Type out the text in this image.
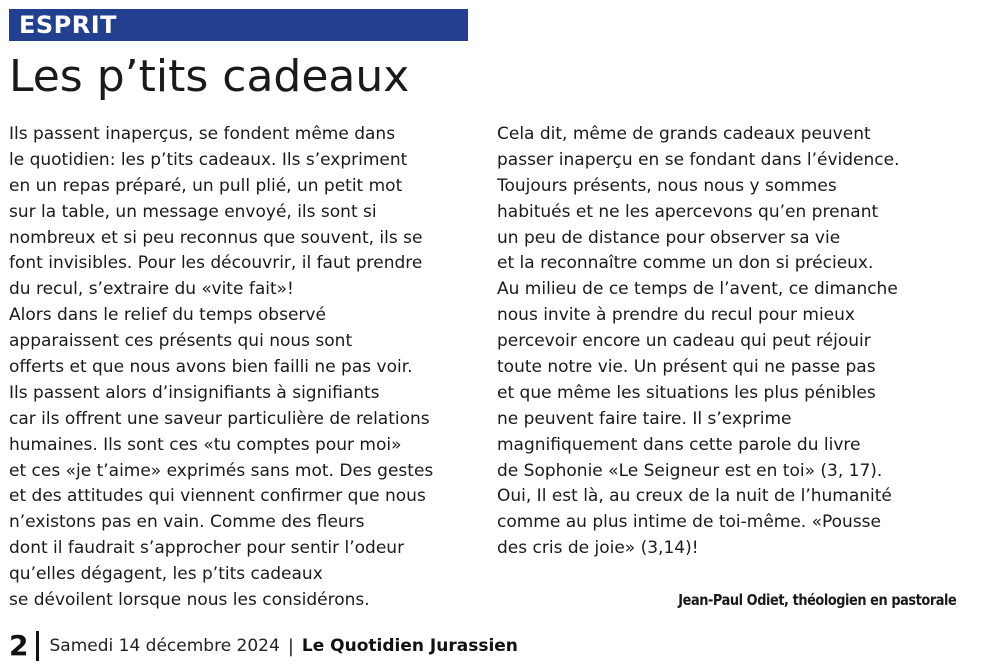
ESPRIT
Les p’tits cadeaux
Ils passent inaperçus, se fondent même dans
le quotidien: les p’tits cadeaux. Ils s’expriment
en un repas préparé, un pull plié, un petit mot
sur la table, un message envoyé, ils sont si
nombreux et si peu reconnus que souvent, ils se
font invisibles. Pour les découvrir, il faut prendre
du recul, s’extraire du «vite fait»!
Alors dans le relief du temps observé
apparaissent ces présents qui nous sont
offerts et que nous avons bien failli ne pas voir.
Ils passent alors d’insignifiants à signifiants
car ils offrent une saveur particulière de relations
humaines. Ils sont ces «tu comptes pour moi»
et ces «je t’aime» exprimés sans mot. Des gestes
et des attitudes qui viennent confirmer que nous
n’existons pas en vain. Comme des fleurs
dont il faudrait s’approcher pour sentir l’odeur
qu’elles dégagent, les p’tits cadeaux
se dévoilent lorsque nous les considérons.
Cela dit, même de grands cadeaux peuvent
passer inaperçu en se fondant dans l’évidence.
Toujours présents, nous nous y sommes
habitués et ne les apercevons qu’en prenant
un peu de distance pour observer sa vie
et la reconnaître comme un don si précieux.
Au milieu de ce temps de l’avent, ce dimanche
nous invite à prendre du recul pour mieux
percevoir encore un cadeau qui peut réjouir
toute notre vie. Un présent qui ne passe pas
et que même les situations les plus pénibles
ne peuvent faire taire. Il s’exprime
magnifiquement dans cette parole du livre
de Sophonie «Le Seigneur est en toi» (3, 17).
Oui, Il est là, au creux de la nuit de l’humanité
comme au plus intime de toi-même. «Pousse
des cris de joie» (3,14)!
Jean-Paul Odiet, théologien en pastorale
2 Samedi 14 décembre 2024 | Le Quotidien Jurassien
